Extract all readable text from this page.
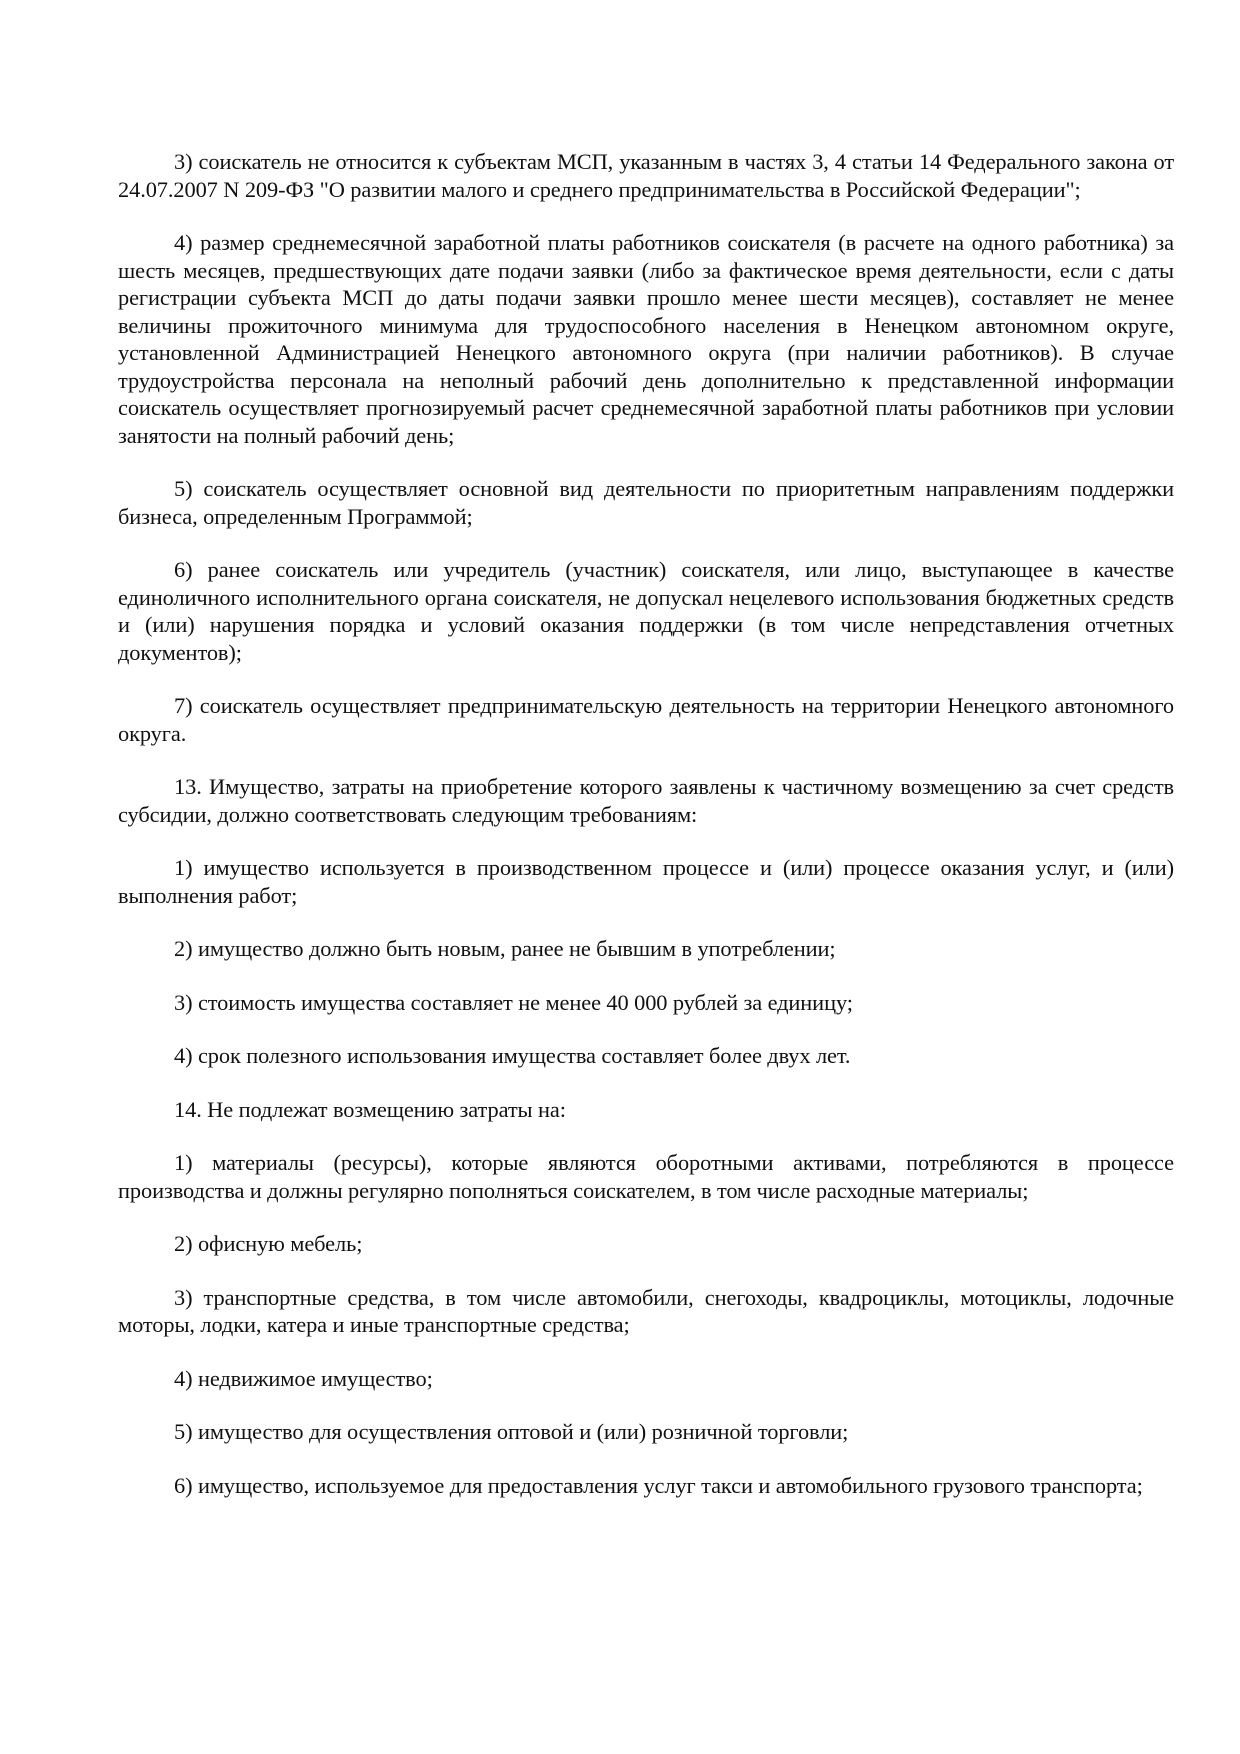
3) соискатель не относится к субъектам МСП, указанным в частях 3, 4 статьи 14 Федерального закона от 24.07.2007 N 209-ФЗ "О развитии малого и среднего предпринимательства в Российской Федерации";

4) размер среднемесячной заработной платы работников соискателя (в расчете на одного работника) за шесть месяцев, предшествующих дате подачи заявки (либо за фактическое время деятельности, если с даты регистрации субъекта МСП до даты подачи заявки прошло менее шести месяцев), составляет не менее величины прожиточного минимума для трудоспособного населения в Ненецком автономном округе, установленной Администрацией Ненецкого автономного округа (при наличии работников). В случае трудоустройства персонала на неполный рабочий день дополнительно к представленной информации соискатель осуществляет прогнозируемый расчет среднемесячной заработной платы работников при условии занятости на полный рабочий день;

5) соискатель осуществляет основной вид деятельности по приоритетным направлениям поддержки бизнеса, определенным Программой;

6) ранее соискатель или учредитель (участник) соискателя, или лицо, выступающее в качестве единоличного исполнительного органа соискателя, не допускал нецелевого использования бюджетных средств и (или) нарушения порядка и условий оказания поддержки (в том числе непредставления отчетных документов);

7) соискатель осуществляет предпринимательскую деятельность на территории Ненецкого автономного округа.

13. Имущество, затраты на приобретение которого заявлены к частичному возмещению за счет средств субсидии, должно соответствовать следующим требованиям:

1) имущество используется в производственном процессе и (или) процессе оказания услуг, и (или) выполнения работ;

2) имущество должно быть новым, ранее не бывшим в употреблении;

3) стоимость имущества составляет не менее 40 000 рублей за единицу;

4) срок полезного использования имущества составляет более двух лет.

14. Не подлежат возмещению затраты на:

1) материалы (ресурсы), которые являются оборотными активами, потребляются в процессе производства и должны регулярно пополняться соискателем, в том числе расходные материалы;

2) офисную мебель;

3) транспортные средства, в том числе автомобили, снегоходы, квадроциклы, мотоциклы, лодочные моторы, лодки, катера и иные транспортные средства;

4) недвижимое имущество;

5) имущество для осуществления оптовой и (или) розничной торговли;

6) имущество, используемое для предоставления услуг такси и автомобильного грузового транспорта;
